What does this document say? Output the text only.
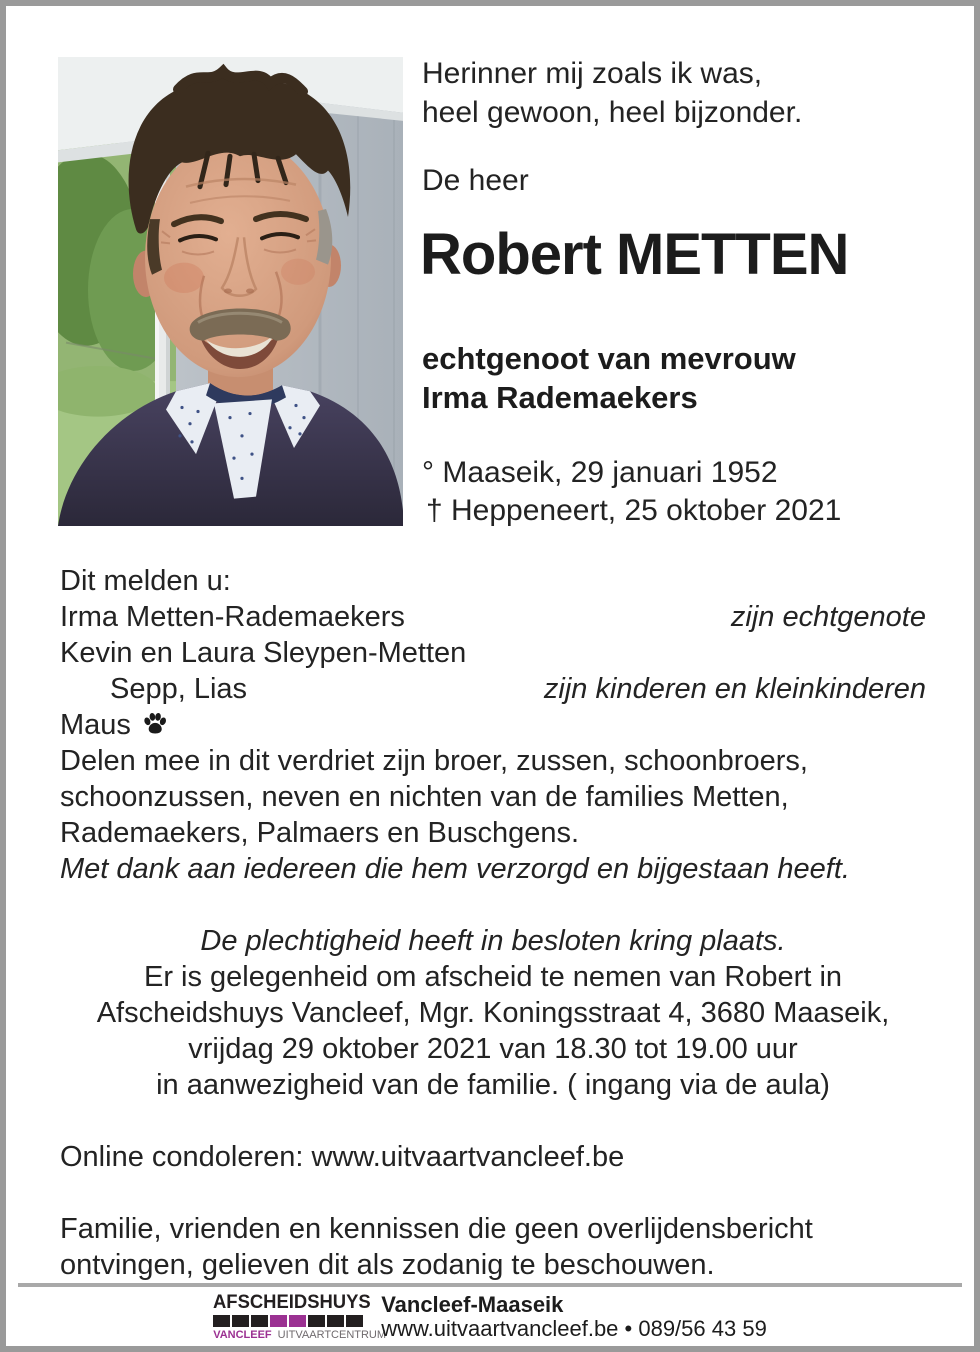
Herinner mij zoals ik was,
heel gewoon, heel bijzonder.
De heer
Robert METTEN
echtgenoot van mevrouw
Irma Rademaekers
° Maaseik, 29 januari 1952
† Heppeneert, 25 oktober 2021
Dit melden u:
Irma Metten-Rademaekers	zijn echtgenote
Kevin en Laura Sleypen-Metten
Sepp, Lias	zijn kinderen en kleinkinderen
Maus
Delen mee in dit verdriet zijn broer, zussen, schoonbroers,
schoonzussen, neven en nichten van de families Metten,
Rademaekers, Palmaers en Buschgens.
Met dank aan iedereen die hem verzorgd en bijgestaan heeft.
De plechtigheid heeft in besloten kring plaats.
Er is gelegenheid om afscheid te nemen van Robert in
Afscheidshuys Vancleef, Mgr. Koningsstraat 4, 3680 Maaseik,
vrijdag 29 oktober 2021 van 18.30 tot 19.00 uur
in aanwezigheid van de familie. ( ingang via de aula)
Online condoleren: www.uitvaartvancleef.be
Familie, vrienden en kennissen die geen overlijdensbericht
ontvingen, gelieven dit als zodanig te beschouwen.
AFSCHEIDSHUYS
VANCLEEF UITVAARTCENTRUM
Vancleef-Maaseik
www.uitvaartvancleef.be • 089/56 43 59
